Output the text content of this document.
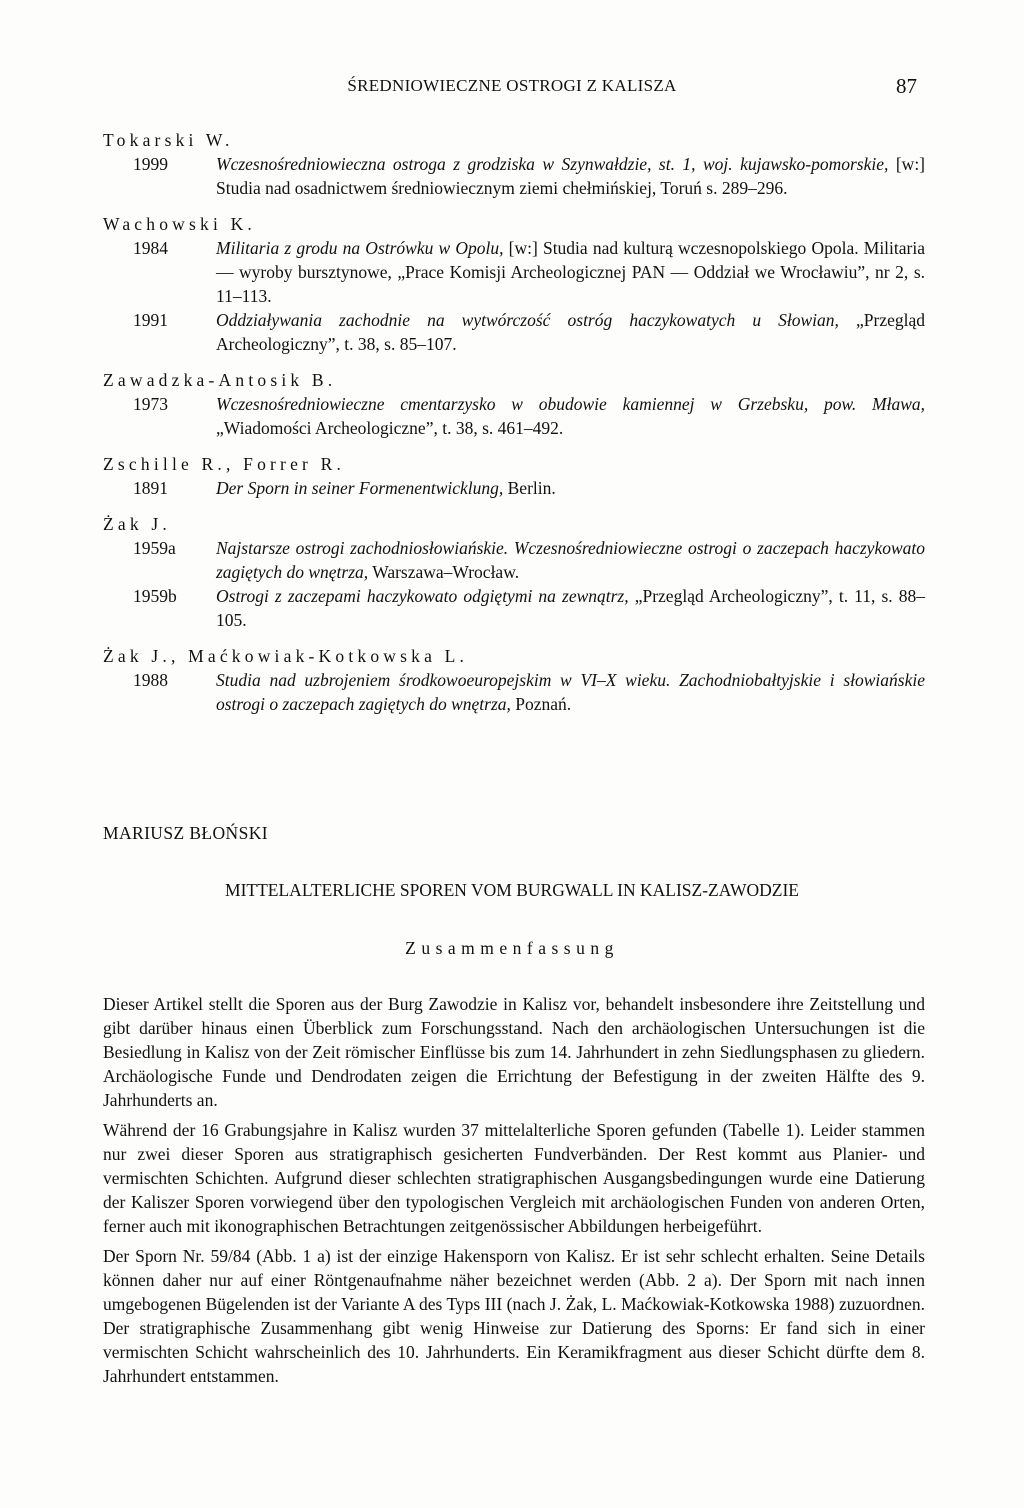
ŚREDNIOWIECZNE OSTROGI Z KALISZA	87
Tokarski W.
1999	Wczesnośredniowieczna ostroga z grodziska w Szynwałdzie, st. 1, woj. kujawsko-pomorskie, [w:] Studia nad osadnictwem średniowiecznym ziemi chełmińskiej, Toruń s. 289–296.
Wachowski K.
1984	Militaria z grodu na Ostrówku w Opolu, [w:] Studia nad kulturą wczesnopolskiego Opola. Militaria — wyroby bursztynowe, „Prace Komisji Archeologicznej PAN — Oddział we Wrocławiu”, nr 2, s. 11–113.
1991	Oddziaływania zachodnie na wytwórczość ostróg haczykowatych u Słowian, „Przegląd Archeologiczny”, t. 38, s. 85–107.
Zawadzka-Antosik B.
1973	Wczesnośredniowieczne cmentarzysko w obudowie kamiennej w Grzebsku, pow. Mława, „Wiadomości Archeologiczne”, t. 38, s. 461–492.
Zschille R., Forrer R.
1891	Der Sporn in seiner Formenentwicklung, Berlin.
Żak J.
1959a	Najstarsze ostrogi zachodniosłowiańskie. Wczesnośredniowieczne ostrogi o zaczepach haczykowato zagiętych do wnętrza, Warszawa–Wrocław.
1959b	Ostrogi z zaczepami haczykowato odgiętymi na zewnątrz, „Przegląd Archeologiczny”, t. 11, s. 88–105.
Żak J., Maćkowiak-Kotkowska L.
1988	Studia nad uzbrojeniem środkowoeuropejskim w VI–X wieku. Zachodniobałtyjskie i słowiańskie ostrogi o zaczepach zagiętych do wnętrza, Poznań.
MARIUSZ BŁOŃSKI
MITTELALTERLICHE SPOREN VOM BURGWALL IN KALISZ-ZAWODZIE
Zusammenfassung

Dieser Artikel stellt die Sporen aus der Burg Zawodzie in Kalisz vor, behandelt insbesondere ihre Zeitstellung und gibt darüber hinaus einen Überblick zum Forschungsstand. Nach den archäologischen Untersuchungen ist die Besiedlung in Kalisz von der Zeit römischer Einflüsse bis zum 14. Jahrhundert in zehn Siedlungsphasen zu gliedern. Archäologische Funde und Dendrodaten zeigen die Errichtung der Befestigung in der zweiten Hälfte des 9. Jahrhunderts an.

Während der 16 Grabungsjahre in Kalisz wurden 37 mittelalterliche Sporen gefunden (Tabelle 1). Leider stammen nur zwei dieser Sporen aus stratigraphisch gesicherten Fundverbänden. Der Rest kommt aus Planier- und vermischten Schichten. Aufgrund dieser schlechten stratigraphischen Ausgangsbedingungen wurde eine Datierung der Kaliszer Sporen vorwiegend über den typologischen Vergleich mit archäologischen Funden von anderen Orten, ferner auch mit ikonographischen Betrachtungen zeitgenössischer Abbildungen herbeigeführt.

Der Sporn Nr. 59/84 (Abb. 1 a) ist der einzige Hakensporn von Kalisz. Er ist sehr schlecht erhalten. Seine Details können daher nur auf einer Röntgenaufnahme näher bezeichnet werden (Abb. 2 a). Der Sporn mit nach innen umgebogenen Bügelenden ist der Variante A des Typs III (nach J. Żak, L. Maćkowiak-Kotkowska 1988) zuzuordnen. Der stratigraphische Zusammenhang gibt wenig Hinweise zur Datierung des Sporns: Er fand sich in einer vermischten Schicht wahrscheinlich des 10. Jahrhunderts. Ein Keramikfragment aus dieser Schicht dürfte dem 8. Jahrhundert entstammen.
